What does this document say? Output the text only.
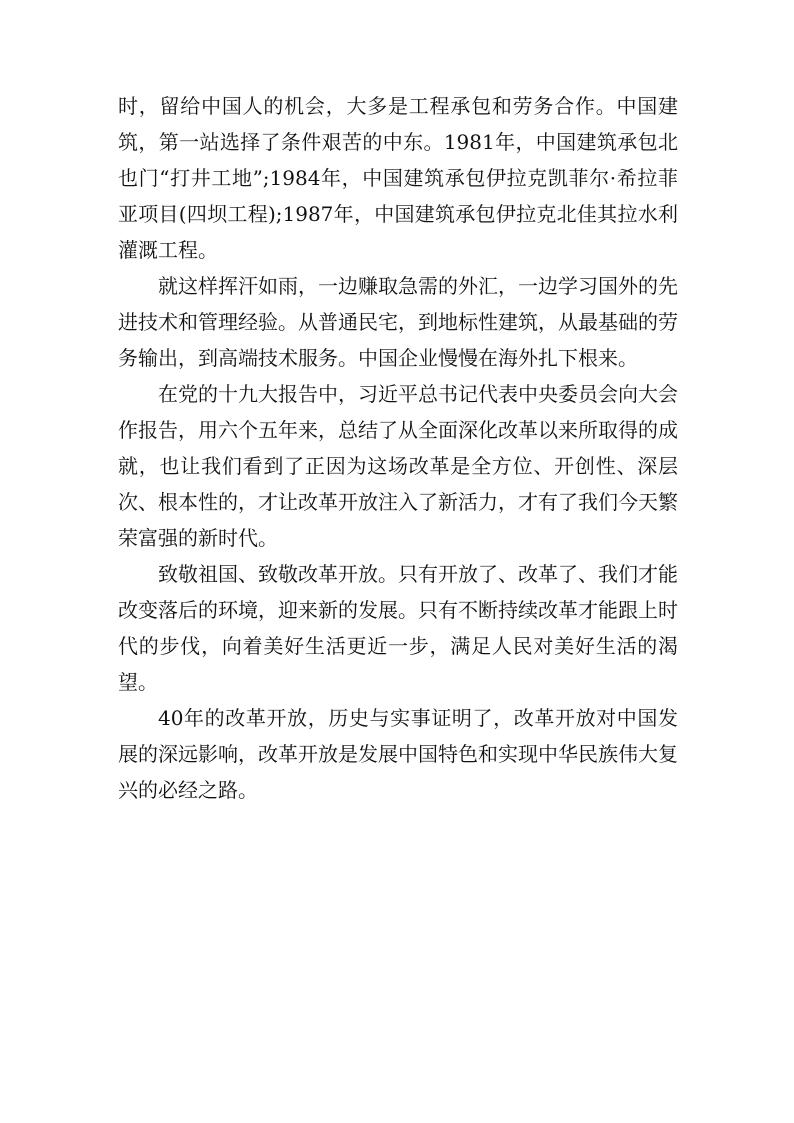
时，留给中国人的机会，大多是工程承包和劳务合作。中国建筑，第一站选择了条件艰苦的中东。1981年，中国建筑承包北也门“打井工地”;1984年，中国建筑承包伊拉克凯菲尔·希拉菲亚项目(四坝工程);1987年，中国建筑承包伊拉克北佳其拉水利灌溉工程。

就这样挥汗如雨，一边赚取急需的外汇，一边学习国外的先进技术和管理经验。从普通民宅，到地标性建筑，从最基础的劳务输出，到高端技术服务。中国企业慢慢在海外扎下根来。

在党的十九大报告中，习近平总书记代表中央委员会向大会作报告，用六个五年来，总结了从全面深化改革以来所取得的成就，也让我们看到了正因为这场改革是全方位、开创性、深层次、根本性的，才让改革开放注入了新活力，才有了我们今天繁荣富强的新时代。

致敬祖国、致敬改革开放。只有开放了、改革了、我们才能改变落后的环境，迎来新的发展。只有不断持续改革才能跟上时代的步伐，向着美好生活更近一步，满足人民对美好生活的渴望。

40年的改革开放，历史与实事证明了，改革开放对中国发展的深远影响，改革开放是发展中国特色和实现中华民族伟大复兴的必经之路。
